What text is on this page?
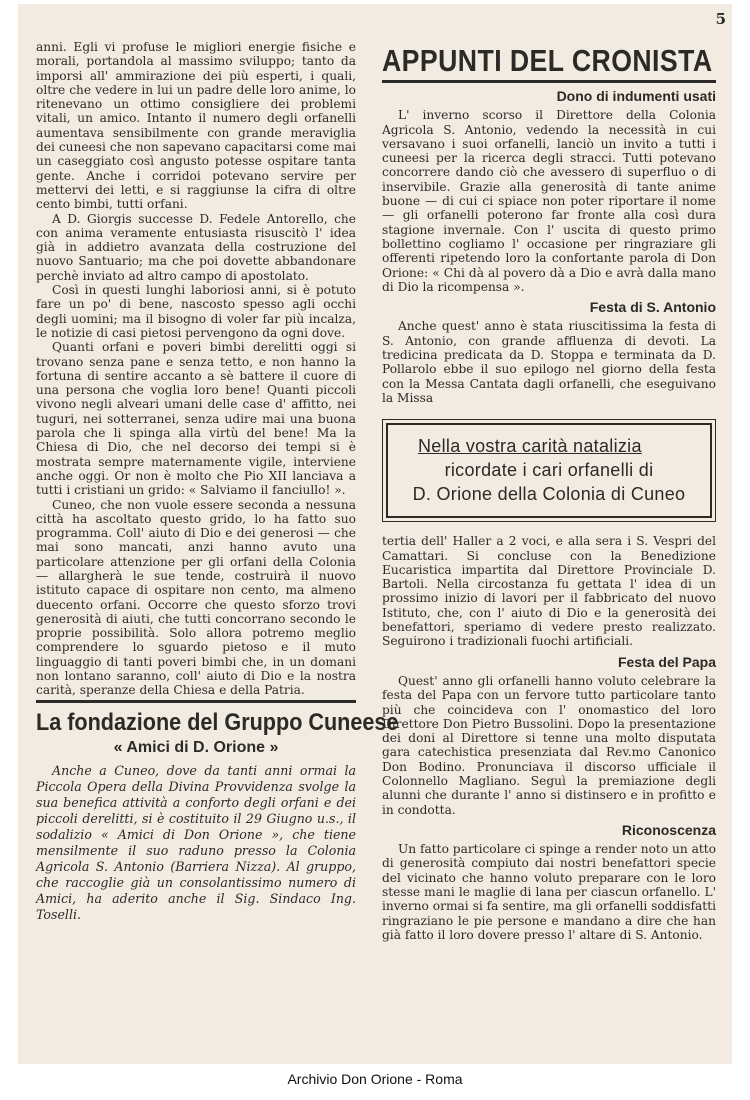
5

anni. Egli vi profuse le migliori energie fisiche e morali, portandola al massimo sviluppo; tanto da imporsi all' ammirazione dei più esperti, i quali, oltre che vedere in lui un padre delle loro anime, lo ritenevano un ottimo consigliere dei problemi vitali, un amico. Intanto il numero degli orfanelli aumentava sensibilmente con grande meraviglia dei cuneesi che non sapevano capacitarsi come mai un caseggiato così angusto potesse ospitare tanta gente. Anche i corridoi potevano servire per mettervi dei letti, e si raggiunse la cifra di oltre cento bimbi, tutti orfani.

A D. Giorgis successe D. Fedele Antorello, che con anima veramente entusiasta risuscitò l' idea già in addietro avanzata della costruzione del nuovo Santuario; ma che poi dovette abbandonare perchè inviato ad altro campo di apostolato.

Così in questi lunghi laboriosi anni, si è potuto fare un po' di bene, nascosto spesso agli occhi degli uomini; ma il bisogno di voler far più incalza, le notizie di casi pietosi pervengono da ogni dove.

Quanti orfani e poveri bimbi derelitti oggi si trovano senza pane e senza tetto, e non hanno la fortuna di sentire accanto a sè battere il cuore di una persona che voglia loro bene! Quanti piccoli vivono negli alveari umani delle case d' affitto, nei tuguri, nei sotterranei, senza udire mai una buona parola che li spinga alla virtù del bene! Ma la Chiesa di Dio, che nel decorso dei tempi si è mostrata sempre maternamente vigile, interviene anche oggi. Or non è molto che Pio XII lanciava a tutti i cristiani un grido: « Salviamo il fanciullo! ».

Cuneo, che non vuole essere seconda a nessuna città ha ascoltato questo grido, lo ha fatto suo programma. Coll' aiuto di Dio e dei generosi — che mai sono mancati, anzi hanno avuto una particolare attenzione per gli orfani della Colonia — allargherà le sue tende, costruirà il nuovo istituto capace di ospitare non cento, ma almeno duecento orfani. Occorre che questo sforzo trovi generosità di aiuti, che tutti concorrano secondo le proprie possibilità. Solo allora potremo meglio comprendere lo sguardo pietoso e il muto linguaggio di tanti poveri bimbi che, in un domani non lontano saranno, coll' aiuto di Dio e la nostra carità, speranze della Chiesa e della Patria.

La fondazione del Gruppo Cuneese
« Amici di D. Orione »

Anche a Cuneo, dove da tanti anni ormai la Piccola Opera della Divina Provvidenza svolge la sua benefica attività a conforto degli orfani e dei piccoli derelitti, si è costituito il 29 Giugno u.s., il sodalizio « Amici di Don Orione », che tiene mensilmente il suo raduno presso la Colonia Agricola S. Antonio (Barriera Nizza). Al gruppo, che raccoglie già un consolantissimo numero di Amici, ha aderito anche il Sig. Sindaco Ing. Toselli.

APPUNTI DEL CRONISTA
Dono di indumenti usati

L' inverno scorso il Direttore della Colonia Agricola S. Antonio, vedendo la necessità in cui versavano i suoi orfanelli, lanciò un invito a tutti i cuneesi per la ricerca degli stracci. Tutti potevano concorrere dando ciò che avessero di superfluo o di inservibile. Grazie alla generosità di tante anime buone — di cui ci spiace non poter riportare il nome — gli orfanelli poterono far fronte alla così dura stagione invernale. Con l' uscita di questo primo bollettino cogliamo l' occasione per ringraziare gli offerenti ripetendo loro la confortante parola di Don Orione: « Chi dà al povero dà a Dio e avrà dalla mano di Dio la ricompensa ».

Festa di S. Antonio

Anche quest' anno è stata riuscitissima la festa di S. Antonio, con grande affluenza di devoti. La tredicina predicata da D. Stoppa e terminata da D. Pollarolo ebbe il suo epilogo nel giorno della festa con la Messa Cantata dagli orfanelli, che eseguivano la Missa

Nella vostra carità natalizia
ricordate i cari orfanelli di
D. Orione della Colonia di Cuneo

tertia dell' Haller a 2 voci, e alla sera i S. Vespri del Camattari. Si concluse con la Benedizione Eucaristica impartita dal Direttore Provinciale D. Bartoli. Nella circostanza fu gettata l' idea di un prossimo inizio di lavori per il fabbricato del nuovo Istituto, che, con l' aiuto di Dio e la generosità dei benefattori, speriamo di vedere presto realizzato. Seguirono i tradizionali fuochi artificiali.

Festa del Papa

Quest' anno gli orfanelli hanno voluto celebrare la festa del Papa con un fervore tutto particolare tanto più che coincideva con l' onomastico del loro Direttore Don Pietro Bussolini. Dopo la presentazione dei doni al Direttore si tenne una molto disputata gara catechistica presenziata dal Rev.mo Canonico Don Bodino. Pronunciava il discorso ufficiale il Colonnello Magliano. Seguì la premiazione degli alunni che durante l' anno si distinsero e in profitto e in condotta.

Riconoscenza

Un fatto particolare ci spinge a render noto un atto di generosità compiuto dai nostri benefattori specie del vicinato che hanno voluto preparare con le loro stesse mani le maglie di lana per ciascun orfanello. L' inverno ormai si fa sentire, ma gli orfanelli soddisfatti ringraziano le pie persone e mandano a dire che han già fatto il loro dovere presso l' altare di S. Antonio.

Archivio Don Orione - Roma
